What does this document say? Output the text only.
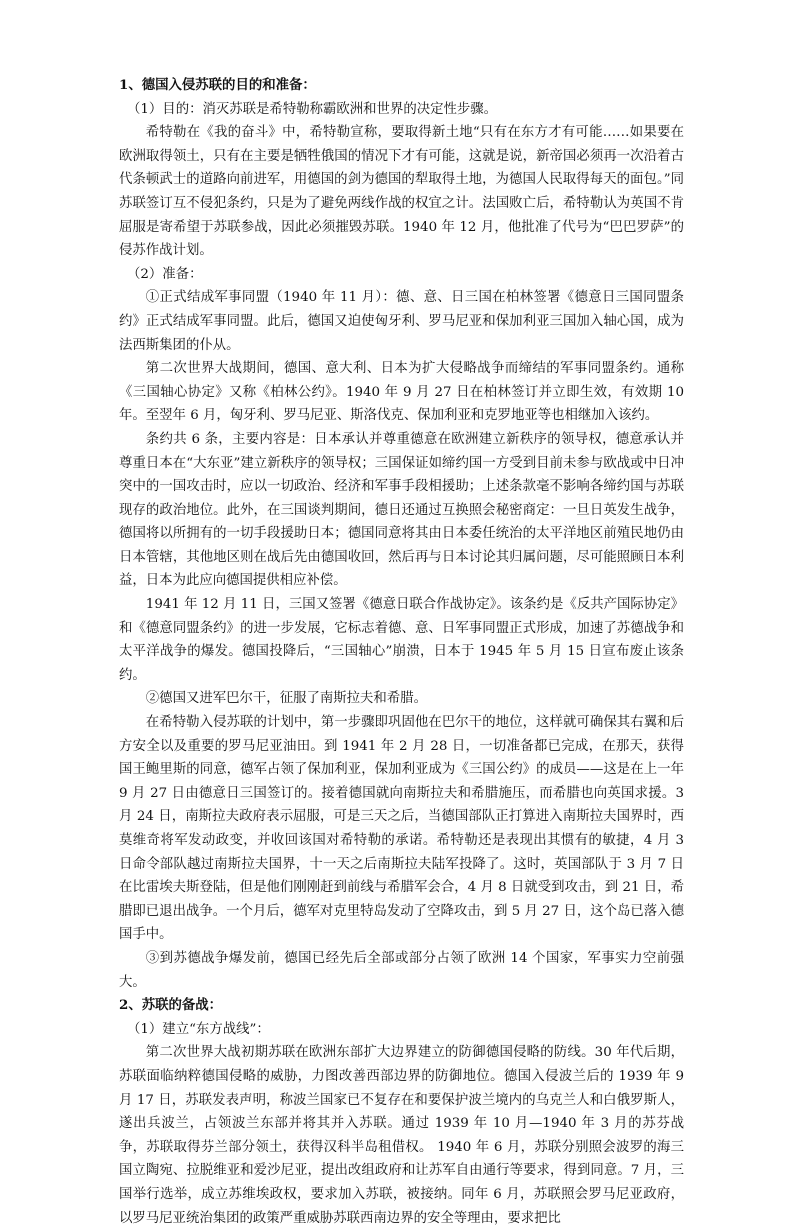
1、德国入侵苏联的目的和准备：

（1）目的：消灭苏联是希特勒称霸欧洲和世界的决定性步骤。

希特勒在《我的奋斗》中，希特勒宣称，要取得新土地“只有在东方才有可能……如果要在欧洲取得领土，只有在主要是牺牲俄国的情况下才有可能，这就是说，新帝国必须再一次沿着古代条顿武士的道路向前进军，用德国的剑为德国的犁取得土地，为德国人民取得每天的面包。”同苏联签订互不侵犯条约，只是为了避免两线作战的权宜之计。法国败亡后，希特勒认为英国不肯屈服是寄希望于苏联参战，因此必须摧毁苏联。1940 年 12 月，他批准了代号为“巴巴罗萨”的侵苏作战计划。

（2）准备：

①正式结成军事同盟（1940 年 11 月）：德、意、日三国在柏林签署《德意日三国同盟条约》正式结成军事同盟。此后，德国又迫使匈牙利、罗马尼亚和保加利亚三国加入轴心国，成为法西斯集团的仆从。

第二次世界大战期间，德国、意大利、日本为扩大侵略战争而缔结的军事同盟条约。通称《三国轴心协定》又称《柏林公约》。1940 年 9 月 27 日在柏林签订并立即生效，有效期 10 年。至翌年 6 月，匈牙利、罗马尼亚、斯洛伐克、保加利亚和克罗地亚等也相继加入该约。

条约共 6 条，主要内容是：日本承认并尊重德意在欧洲建立新秩序的领导权，德意承认并尊重日本在“大东亚”建立新秩序的领导权；三国保证如缔约国一方受到目前未参与欧战或中日冲突中的一国攻击时，应以一切政治、经济和军事手段相援助；上述条款毫不影响各缔约国与苏联现存的政治地位。此外，在三国谈判期间，德日还通过互换照会秘密商定：一旦日英发生战争，德国将以所拥有的一切手段援助日本；德国同意将其由日本委任统治的太平洋地区前殖民地仍由日本管辖，其他地区则在战后先由德国收回，然后再与日本讨论其归属问题，尽可能照顾日本利益，日本为此应向德国提供相应补偿。

1941 年 12 月 11 日，三国又签署《德意日联合作战协定》。该条约是《反共产国际协定》和《德意同盟条约》的进一步发展，它标志着德、意、日军事同盟正式形成，加速了苏德战争和太平洋战争的爆发。德国投降后，“三国轴心”崩溃，日本于 1945 年 5 月 15 日宣布废止该条约。

②德国又进军巴尔干，征服了南斯拉夫和希腊。

在希特勒入侵苏联的计划中，第一步骤即巩固他在巴尔干的地位，这样就可确保其右翼和后方安全以及重要的罗马尼亚油田。到 1941 年 2 月 28 日，一切准备都已完成，在那天，获得国王鲍里斯的同意，德军占领了保加利亚，保加利亚成为《三国公约》的成员——这是在上一年 9 月 27 日由德意日三国签订的。接着德国就向南斯拉夫和希腊施压，而希腊也向英国求援。3 月 24 日，南斯拉夫政府表示屈服，可是三天之后，当德国部队正打算进入南斯拉夫国界时，西莫维奇将军发动政变，并收回该国对希特勒的承诺。希特勒还是表现出其惯有的敏捷，4 月 3 日命令部队越过南斯拉夫国界，十一天之后南斯拉夫陆军投降了。这时，英国部队于 3 月 7 日在比雷埃夫斯登陆，但是他们刚刚赶到前线与希腊军会合，4 月 8 日就受到攻击，到 21 日，希腊即已退出战争。一个月后，德军对克里特岛发动了空降攻击，到 5 月 27 日，这个岛已落入德国手中。

③到苏德战争爆发前，德国已经先后全部或部分占领了欧洲 14 个国家，军事实力空前强大。

2、苏联的备战：

（1）建立“东方战线”：

第二次世界大战初期苏联在欧洲东部扩大边界建立的防御德国侵略的防线。30 年代后期，苏联面临纳粹德国侵略的威胁，力图改善西部边界的防御地位。德国入侵波兰后的 1939 年 9 月 17 日，苏联发表声明，称波兰国家已不复存在和要保护波兰境内的乌克兰人和白俄罗斯人，遂出兵波兰，占领波兰东部并将其并入苏联。通过 1939 年 10 月—1940 年 3 月的苏芬战争，苏联取得芬兰部分领土，获得汉科半岛租借权。 1940 年 6 月，苏联分别照会波罗的海三国立陶宛、拉脱维亚和爱沙尼亚，提出改组政府和让苏军自由通行等要求，得到同意。7 月，三国举行选举，成立苏维埃政权，要求加入苏联，被接纳。同年 6 月，苏联照会罗马尼亚政府，以罗马尼亚统治集团的政策严重威胁苏联西南边界的安全等理由，要求把比
